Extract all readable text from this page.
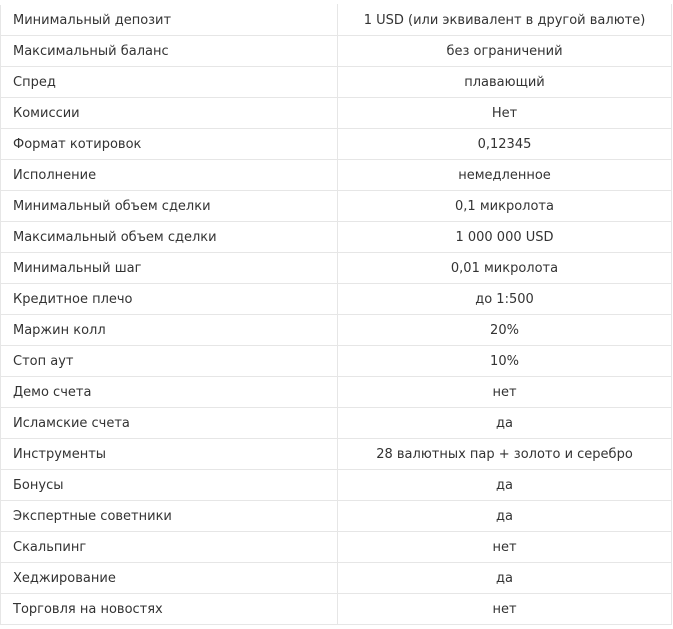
Минимальный депозит	1 USD (или эквивалент в другой валюте)
Максимальный баланс	без ограничений
Спред	плавающий
Комиссии	Нет
Формат котировок	0,12345
Исполнение	немедленное
Минимальный объем сделки	0,1 микролота
Максимальный объем сделки	1 000 000 USD
Минимальный шаг	0,01 микролота
Кредитное плечо	до 1:500
Маржин колл	20%
Стоп аут	10%
Демо счета	нет
Исламские счета	да
Инструменты	28 валютных пар + золото и серебро
Бонусы	да
Экспертные советники	да
Скальпинг	нет
Хеджирование	да
Торговля на новостях	нет
